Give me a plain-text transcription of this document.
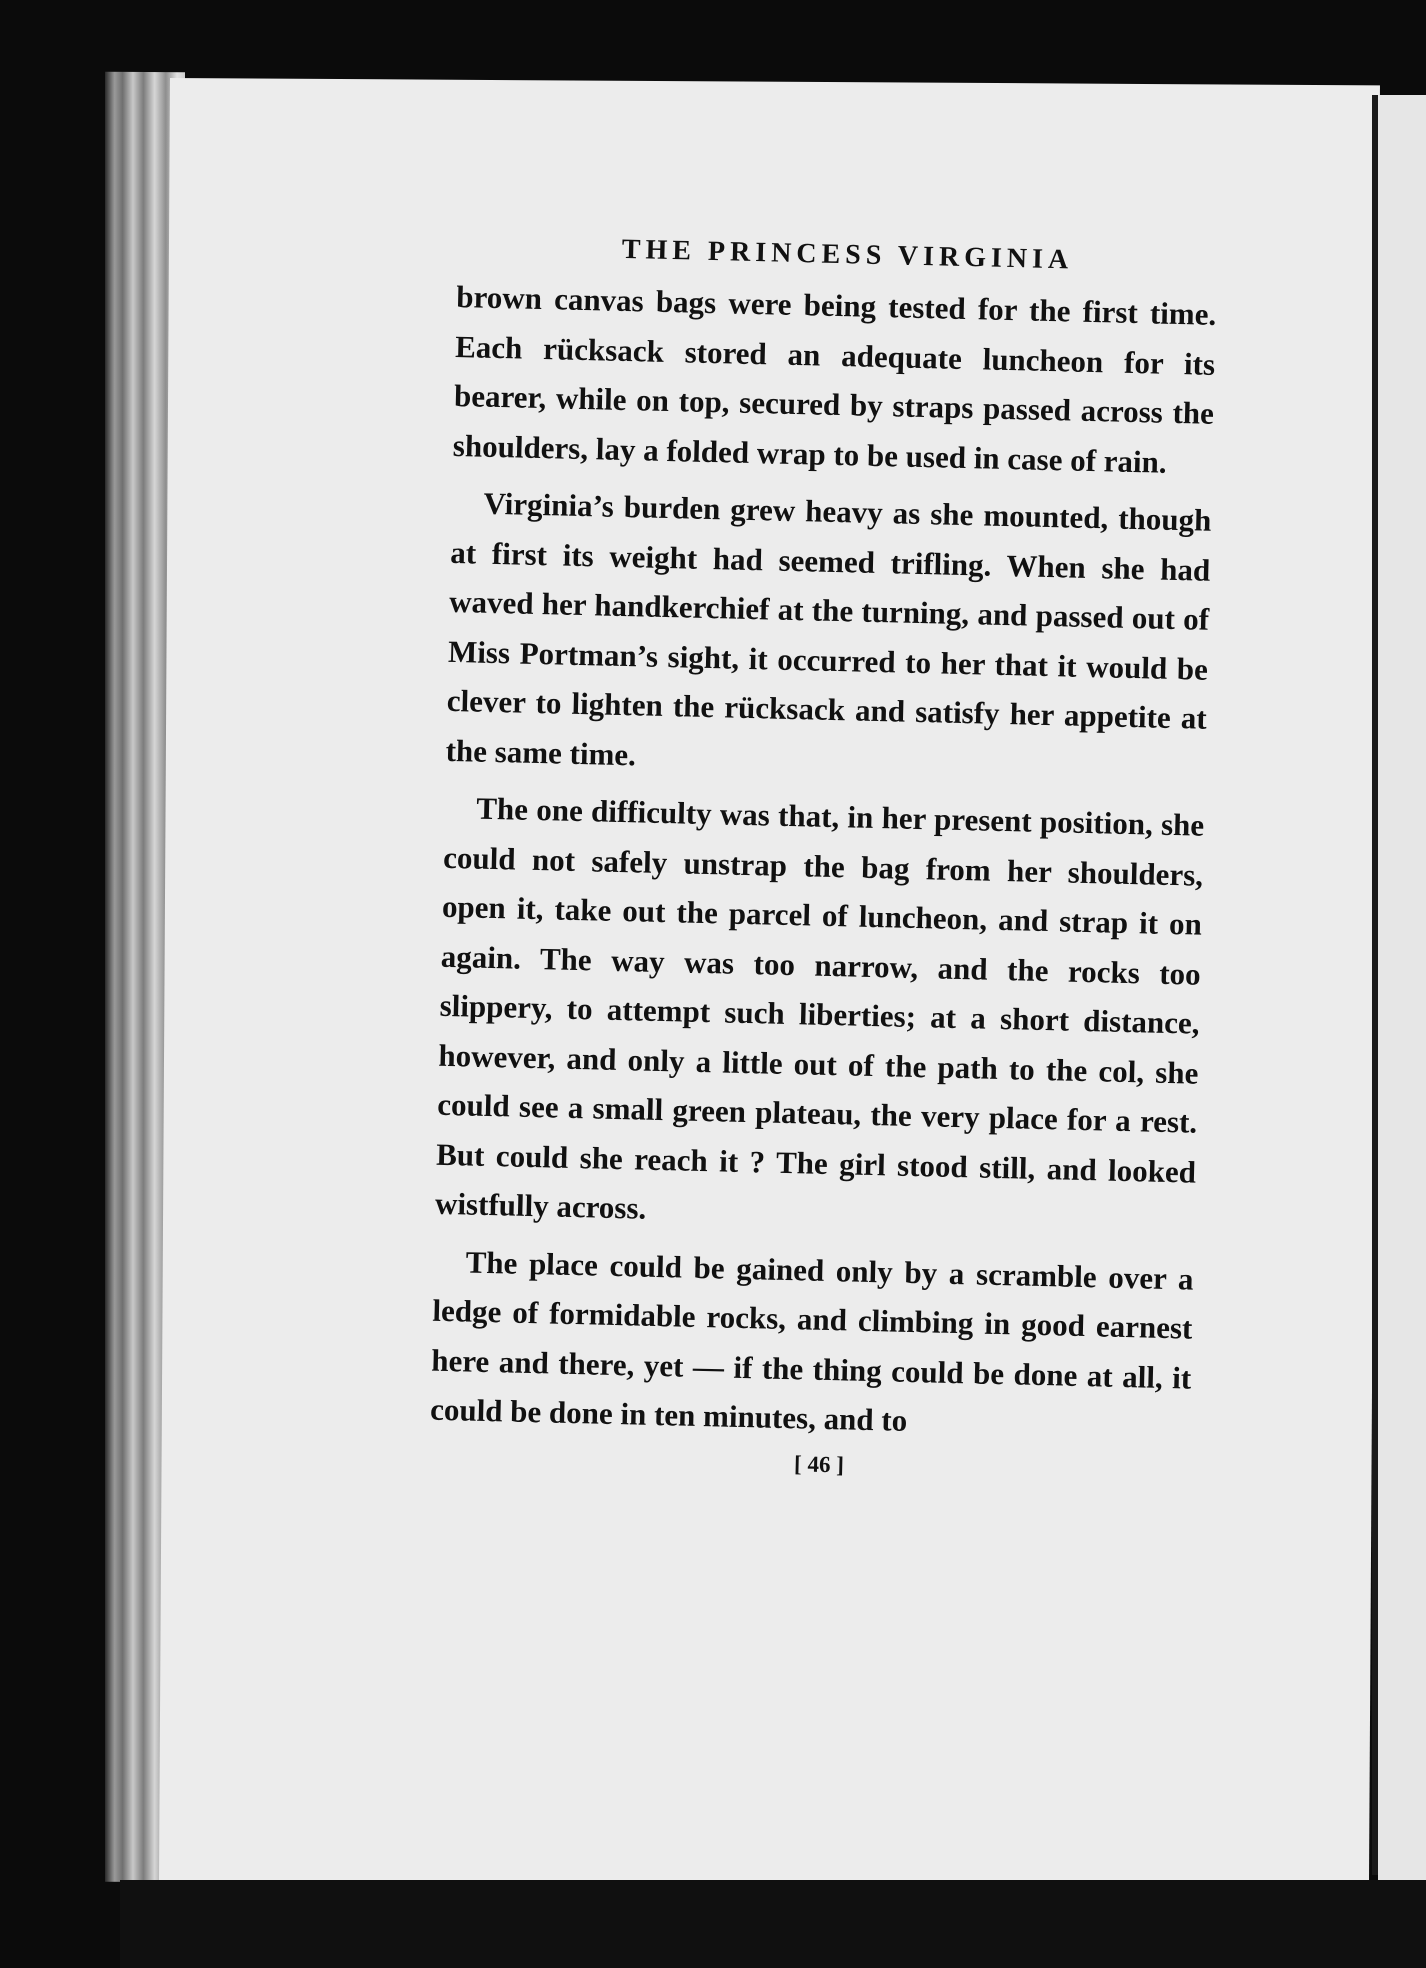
THE PRINCESS VIRGINIA

brown canvas bags were being tested for the first time. Each rücksack stored an adequate luncheon for its bearer, while on top, secured by straps passed across the shoulders, lay a folded wrap to be used in case of rain.

Virginia’s burden grew heavy as she mounted, though at first its weight had seemed trifling. When she had waved her handkerchief at the turning, and passed out of Miss Portman’s sight, it occurred to her that it would be clever to lighten the rücksack and satisfy her appetite at the same time.

The one difficulty was that, in her present position, she could not safely unstrap the bag from her shoulders, open it, take out the parcel of luncheon, and strap it on again. The way was too narrow, and the rocks too slippery, to attempt such liberties; at a short distance, however, and only a little out of the path to the col, she could see a small green plateau, the very place for a rest. But could she reach it ? The girl stood still, and looked wistfully across.

The place could be gained only by a scramble over a ledge of formidable rocks, and climbing in good earnest here and there, yet — if the thing could be done at all, it could be done in ten minutes, and to

[ 46 ]
